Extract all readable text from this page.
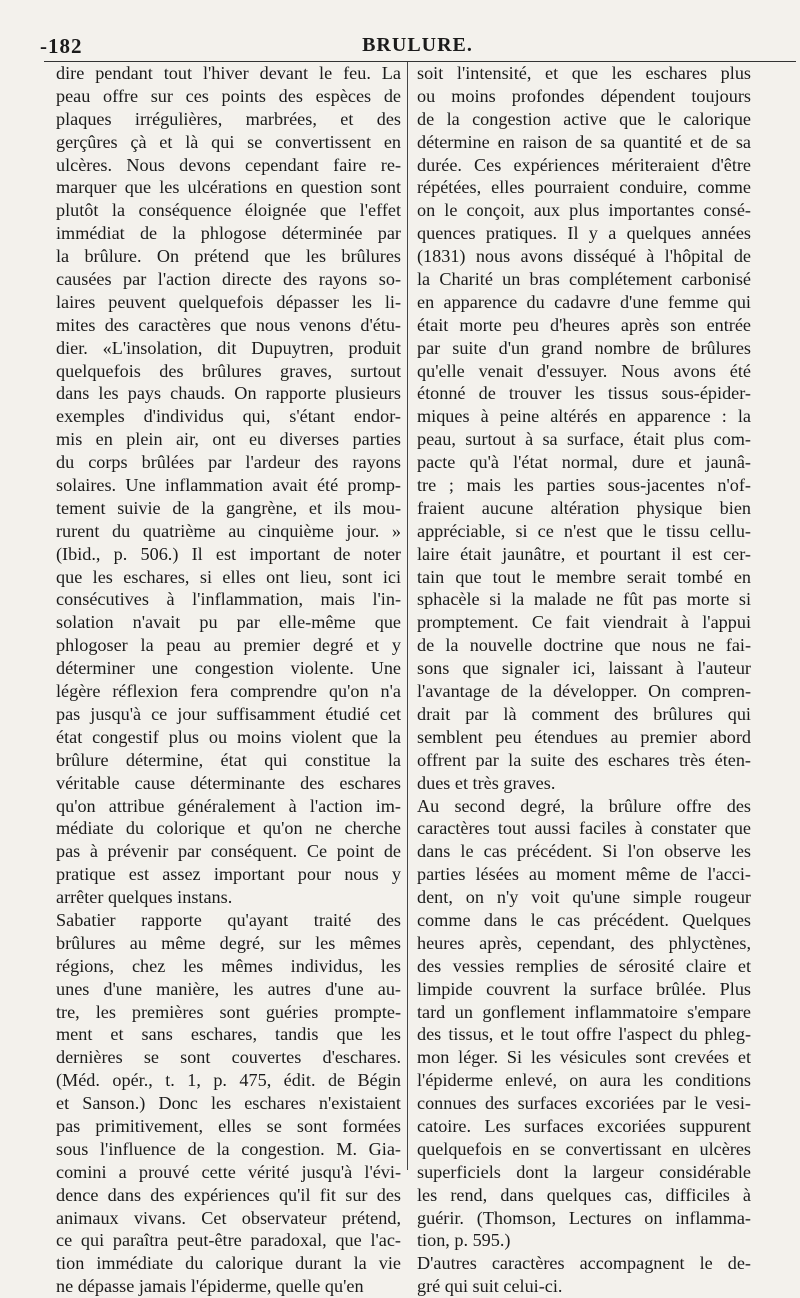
BRULURE.
-182
dire pendant tout l'hiver devant le feu. La
peau offre sur ces points des espèces de
plaques irrégulières, marbrées, et des
gerçûres çà et là qui se convertissent en
ulcères. Nous devons cependant faire re-
marquer que les ulcérations en question sont
plutôt la conséquence éloignée que l'effet
immédiat de la phlogose déterminée par
la brûlure. On prétend que les brûlures
causées par l'action directe des rayons so-
laires peuvent quelquefois dépasser les li-
mites des caractères que nous venons d'étu-
dier. «L'insolation, dit Dupuytren, produit
quelquefois des brûlures graves, surtout
dans les pays chauds. On rapporte plusieurs
exemples d'individus qui, s'étant endor-
mis en plein air, ont eu diverses parties
du corps brûlées par l'ardeur des rayons
solaires. Une inflammation avait été promp-
tement suivie de la gangrène, et ils mou-
rurent du quatrième au cinquième jour. »
(Ibid., p. 506.) Il est important de noter
que les eschares, si elles ont lieu, sont ici
consécutives à l'inflammation, mais l'in-
solation n'avait pu par elle-même que
phlogoser la peau au premier degré et y
déterminer une congestion violente. Une
légère réflexion fera comprendre qu'on n'a
pas jusqu'à ce jour suffisamment étudié cet
état congestif plus ou moins violent que la
brûlure détermine, état qui constitue la
véritable cause déterminante des eschares
qu'on attribue généralement à l'action im-
médiate du colorique et qu'on ne cherche
pas à prévenir par conséquent. Ce point de
pratique est assez important pour nous y
arrêter quelques instans.
Sabatier rapporte qu'ayant traité des
brûlures au même degré, sur les mêmes
régions, chez les mêmes individus, les
unes d'une manière, les autres d'une au-
tre, les premières sont guéries prompte-
ment et sans eschares, tandis que les
dernières se sont couvertes d'eschares.
(Méd. opér., t. 1, p. 475, édit. de Bégin
et Sanson.) Donc les eschares n'existaient
pas primitivement, elles se sont formées
sous l'influence de la congestion. M. Gia-
comini a prouvé cette vérité jusqu'à l'évi-
dence dans des expériences qu'il fit sur des
animaux vivans. Cet observateur prétend,
ce qui paraîtra peut-être paradoxal, que l'ac-
tion immédiate du calorique durant la vie
ne dépasse jamais l'épiderme, quelle qu'en
soit l'intensité, et que les eschares plus
ou moins profondes dépendent toujours
de la congestion active que le calorique
détermine en raison de sa quantité et de sa
durée. Ces expériences mériteraient d'être
répétées, elles pourraient conduire, comme
on le conçoit, aux plus importantes consé-
quences pratiques. Il y a quelques années
(1831) nous avons disséqué à l'hôpital de
la Charité un bras complétement carbonisé
en apparence du cadavre d'une femme qui
était morte peu d'heures après son entrée
par suite d'un grand nombre de brûlures
qu'elle venait d'essuyer. Nous avons été
étonné de trouver les tissus sous-épider-
miques à peine altérés en apparence : la
peau, surtout à sa surface, était plus com-
pacte qu'à l'état normal, dure et jaunâ-
tre ; mais les parties sous-jacentes n'of-
fraient aucune altération physique bien
appréciable, si ce n'est que le tissu cellu-
laire était jaunâtre, et pourtant il est cer-
tain que tout le membre serait tombé en
sphacèle si la malade ne fût pas morte si
promptement. Ce fait viendrait à l'appui
de la nouvelle doctrine que nous ne fai-
sons que signaler ici, laissant à l'auteur
l'avantage de la développer. On compren-
drait par là comment des brûlures qui
semblent peu étendues au premier abord
offrent par la suite des eschares très éten-
dues et très graves.
Au second degré, la brûlure offre des
caractères tout aussi faciles à constater que
dans le cas précédent. Si l'on observe les
parties lésées au moment même de l'acci-
dent, on n'y voit qu'une simple rougeur
comme dans le cas précédent. Quelques
heures après, cependant, des phlyctènes,
des vessies remplies de sérosité claire et
limpide couvrent la surface brûlée. Plus
tard un gonflement inflammatoire s'empare
des tissus, et le tout offre l'aspect du phleg-
mon léger. Si les vésicules sont crevées et
l'épiderme enlevé, on aura les conditions
connues des surfaces excoriées par le vesi-
catoire. Les surfaces excoriées suppurent
quelquefois en se convertissant en ulcères
superficiels dont la largeur considérable
les rend, dans quelques cas, difficiles à
guérir. (Thomson, Lectures on inflamma-
tion, p. 595.)
D'autres caractères accompagnent le de-
gré qui suit celui-ci.
